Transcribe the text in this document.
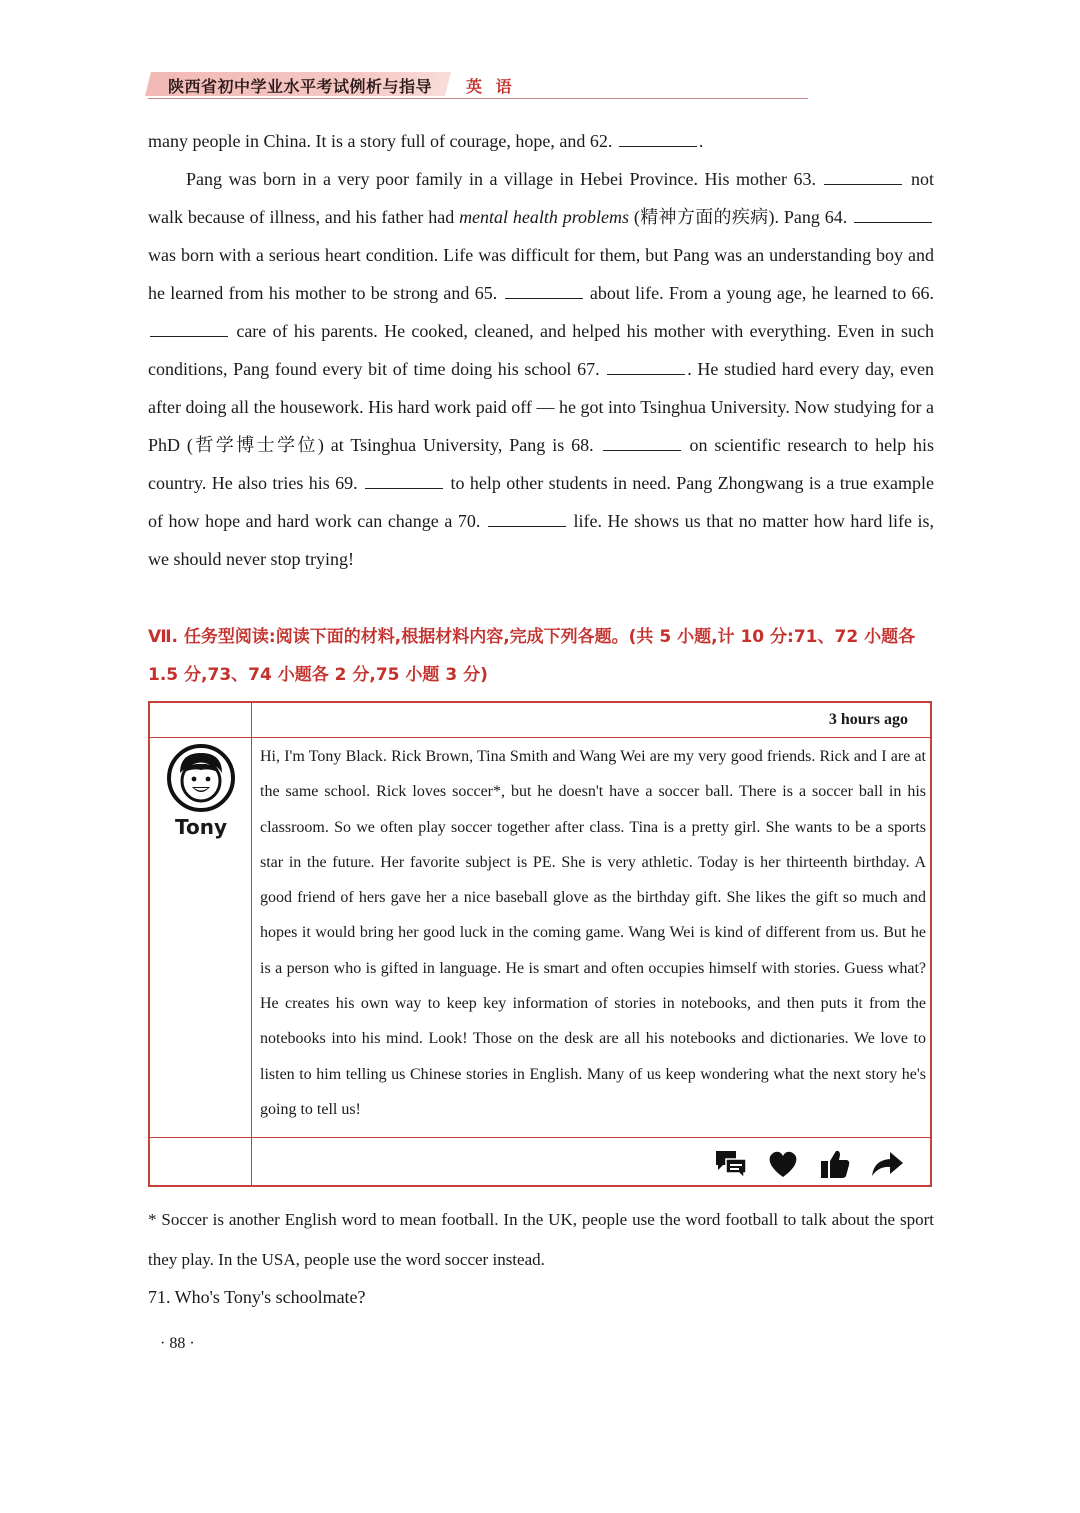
陕西省初中学业水平考试例析与指导 英 语

many people in China. It is a story full of courage, hope, and 62.	.

Pang was born in a very poor family in a village in Hebei Province. His mother 63.	not walk because of illness, and his father had mental health problems (精神方面的疾病). Pang 64.  was born with a serious heart condition. Life was difficult for them, but Pang was an understanding boy and he learned from his mother to be strong and 65.	about life. From a young age, he learned to 66.  care of his parents. He cooked, cleaned, and helped his mother with everything. Even in such conditions, Pang found every bit of time doing his school 67.	. He studied hard every day, even after doing all the housework. His hard work paid off — he got into Tsinghua University. Now studying for a PhD (哲学博士学位) at Tsinghua University, Pang is 68.	on scientific research to help his country. He also tries his 69.	to help other students in need. Pang Zhongwang is a true example of how hope and hard work can change a 70.	life. He shows us that no matter how hard life is, we should never stop trying!

Ⅶ. 任务型阅读:阅读下面的材料,根据材料内容,完成下列各题。(共 5 小题,计 10 分:71、72 小题各 1.5 分,73、74 小题各 2 分,75 小题 3 分)
3 hours ago
Tony
Hi, I'm Tony Black. Rick Brown, Tina Smith and Wang Wei are my very good friends. Rick and I are at the same school. Rick loves soccer*, but he doesn't have a soccer ball. There is a soccer ball in his classroom. So we often play soccer together after class. Tina is a pretty girl. She wants to be a sports star in the future. Her favorite subject is PE. She is very athletic. Today is her thirteenth birthday. A good friend of hers gave her a nice baseball glove as the birthday gift. She likes the gift so much and hopes it would bring her good luck in the coming game. Wang Wei is kind of different from us. But he is a person who is gifted in language. He is smart and often occupies himself with stories. Guess what? He creates his own way to keep key information of stories in notebooks, and then puts it from the notebooks into his mind. Look! Those on the desk are all his notebooks and dictionaries. We love to listen to him telling us Chinese stories in English. Many of us keep wondering what the next story he's going to tell us!
* Soccer is another English word to mean football. In the UK, people use the word football to talk about the sport they play. In the USA, people use the word soccer instead.
71. Who's Tony's schoolmate?
· 88 ·
